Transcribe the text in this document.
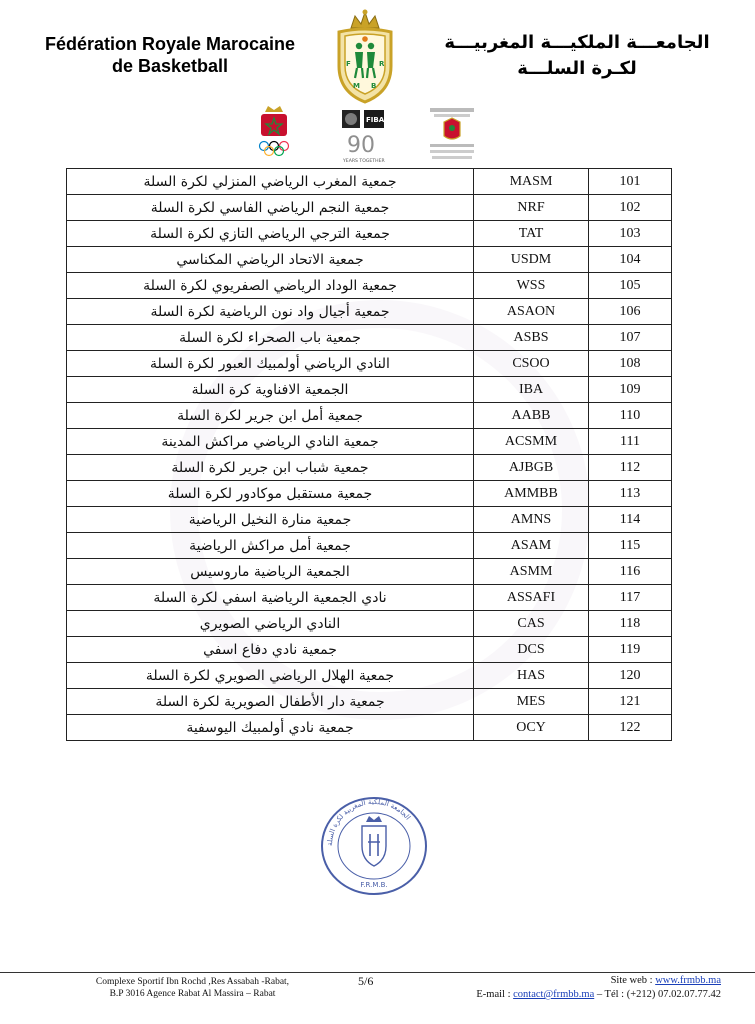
Fédération Royale Marocaine
de Basketball
الجامعـــة الملكيـــة المغربيـــة
لكـرة السلـــة
F	R
M B
FIBA
90
YEARS TOGETHER
جمعية المغرب الرياضي المنزلي لكرة السلة	MASM	101
جمعية النجم الرياضي الفاسي لكرة السلة	NRF	102
جمعية الترجي الرياضي التازي لكرة السلة	TAT	103
جمعية الاتحاد الرياضي المكناسي	USDM	104
جمعية الوداد الرياضي الصفريوي لكرة السلة	WSS	105
جمعية أجيال واد نون الرياضية لكرة السلة	ASAON	106
جمعية باب الصحراء لكرة السلة	ASBS	107
النادي الرياضي أولمبيك العبور لكرة السلة	CSOO	108
الجمعية الافناوية كرة السلة	IBA	109
جمعية أمل ابن جرير لكرة السلة	AABB	110
جمعية النادي الرياضي مراكش المدينة	ACSMM	111
جمعية شباب ابن جرير لكرة السلة	AJBGB	112
جمعية مستقبل موكادور لكرة السلة	AMMBB	113
جمعية منارة النخيل الرياضية	AMNS	114
جمعية أمل مراكش الرياضية	ASAM	115
الجمعية الرياضية ماروسيس	ASMM	116
نادي الجمعية الرياضية اسفي لكرة السلة	ASSAFI	117
النادي الرياضي الصويري	CAS	118
جمعية نادي دفاع اسفي	DCS	119
جمعية الهلال الرياضي الصويري لكرة السلة	HAS	120
جمعية دار الأطفال الصويرية لكرة السلة	MES	121
جمعية نادي أولمبيك اليوسفية	OCY	122
الجامعة الملكية المغربية لكرة السلة
F.R.M.B.
Complexe Sportif Ibn Rochd ,Res Assabah -Rabat,
B.P 3016 Agence Rabat Al Massira – Rabat
5/6	Site web : www.frmbb.ma
E-mail : contact@frmbb.ma – Tél : (+212) 07.02.07.77.42
